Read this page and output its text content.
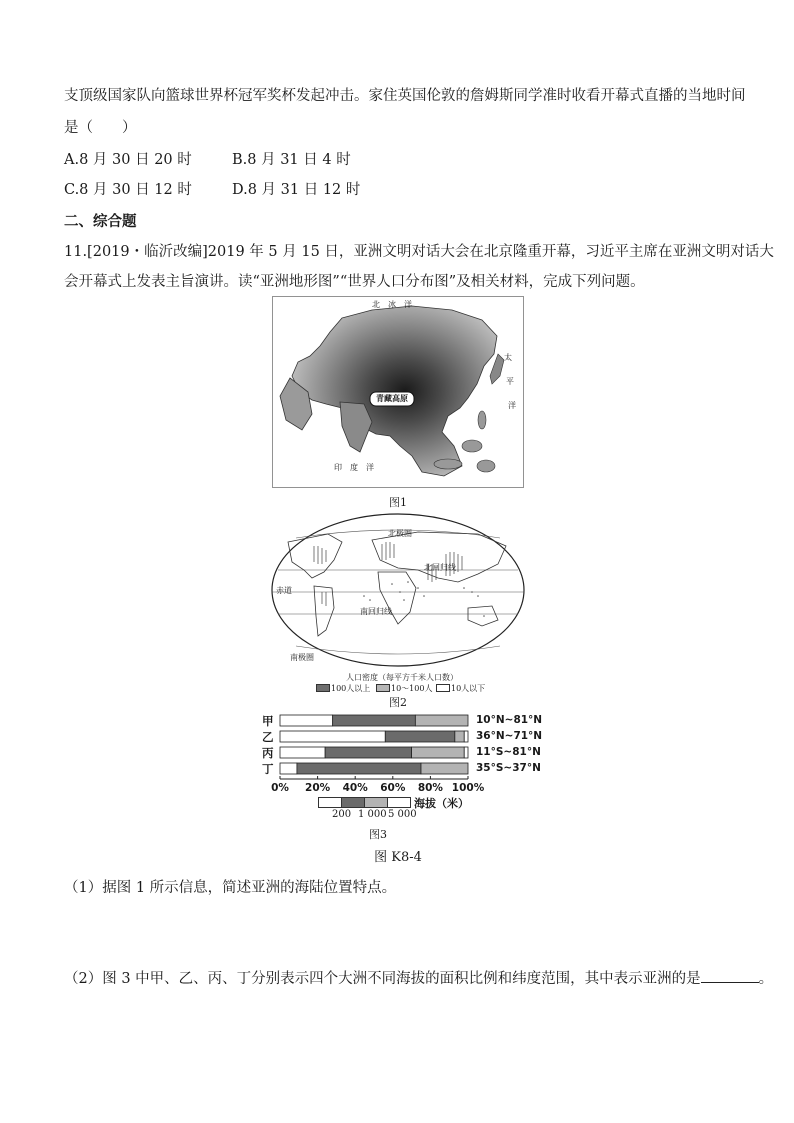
支顶级国家队向篮球世界杯冠军奖杯发起冲击。家住英国伦敦的詹姆斯同学准时收看开幕式直播的当地时间
是（　　）
A.8 月 30 日 20 时	B.8 月 31 日 4 时
C.8 月 30 日 12 时	D.8 月 31 日 12 时
二、综合题
11.[2019・临沂改编]2019 年 5 月 15 日，亚洲文明对话大会在北京隆重开幕，习近平主席在亚洲文明对话大
会开幕式上发表主旨演讲。读“亚洲地形图”“世界人口分布图”及相关材料，完成下列问题。
青藏高原
北　冰　洋
太
平
洋
印　度　洋
图1
北极圈
北回归线
赤道
南回归线
南极圈
人口密度（每平方千米人口数）
100人以上	10～100人 10人以下
图2
甲
乙
丙
丁
10°N~81°N
36°N~71°N
11°S~81°N
35°S~37°N
0% 20% 40% 60% 80% 100%
海拔（米）
200 1 000 5 000
图3
图 K8-4
（1）据图 1 所示信息，简述亚洲的海陆位置特点。
（2）图 3 中甲、乙、丙、丁分别表示四个大洲不同海拔的面积比例和纬度范围，其中表示亚洲的是	。
